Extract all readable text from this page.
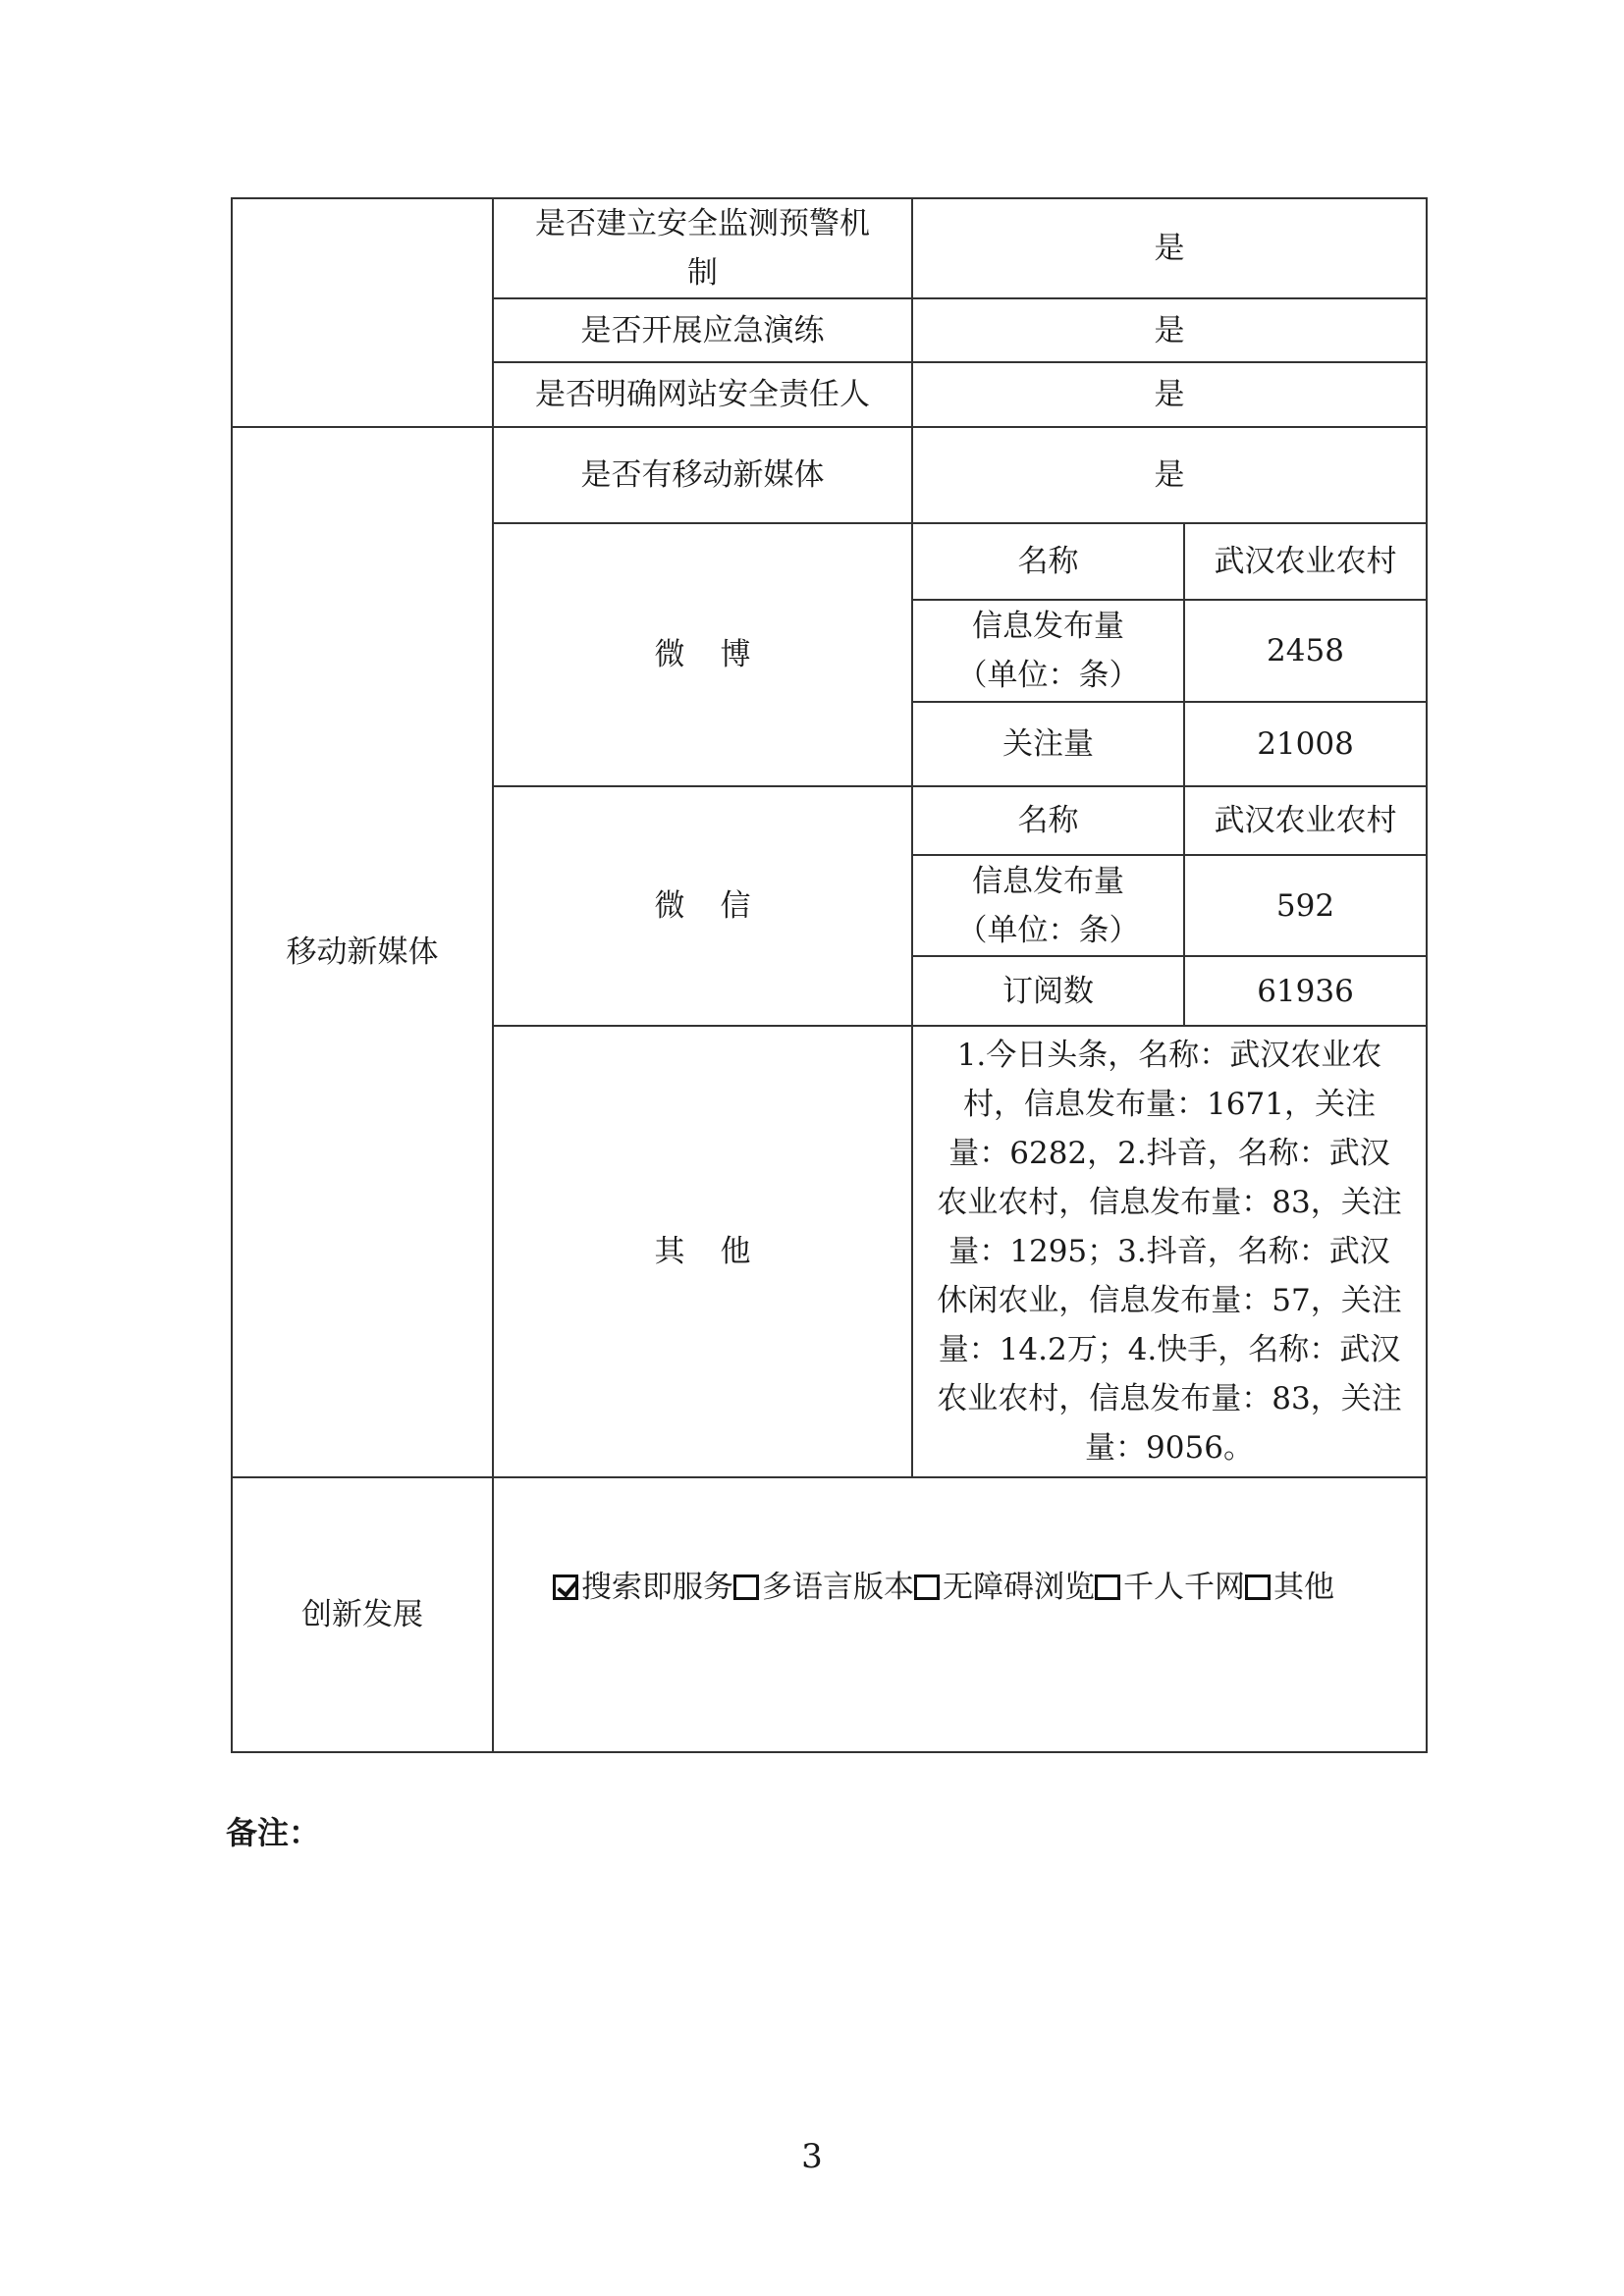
	是否建立安全监测预警机制	是	
	是否开展应急演练	是	
	是否明确网站安全责任人	是	
移动新媒体	是否有移动新媒体	是	
	微博	名称	武汉农业农村
		信息发布量（单位：条）	2458
		关注量	21008
	微信	名称	武汉农业农村
		信息发布量（单位：条）	592
		订阅数	61936
	其他	1.今日头条，名称：武汉农业农村，信息发布量：1671，关注量：6282，2.抖音，名称：武汉农业农村，信息发布量：83，关注量：1295；3.抖音，名称：武汉休闲农业，信息发布量：57，关注量：14.2万；4.快手，名称：武汉农业农村，信息发布量：83，关注量：9056。	
创新发展	搜索即服务 多语言版本 无障碍浏览 千人千网 其他		
备注：
3
